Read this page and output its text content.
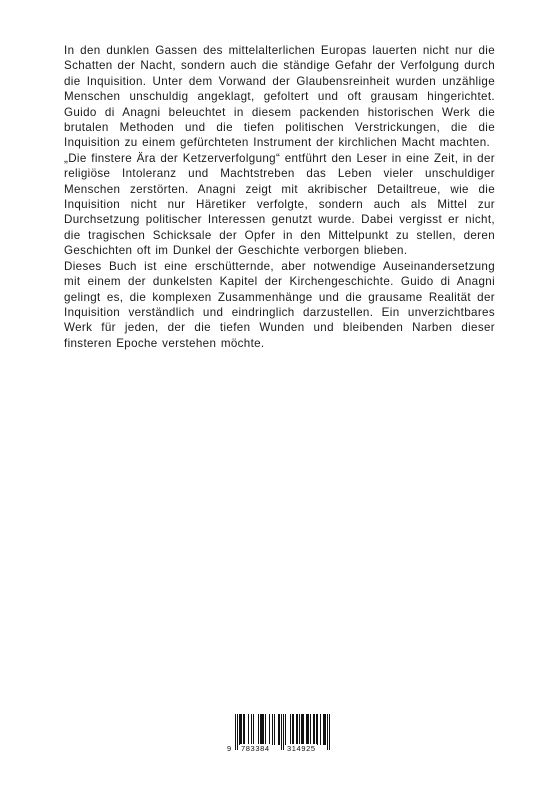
In den dunklen Gassen des mittelalterlichen Europas lauerten nicht nur die Schatten der Nacht, sondern auch die ständige Gefahr der Verfolgung durch die Inquisition. Unter dem Vorwand der Glaubensreinheit wurden unzählige Menschen unschuldig angeklagt, gefoltert und oft grausam hingerichtet. Guido di Anagni beleuchtet in diesem packenden historischen Werk die brutalen Methoden und die tiefen politischen Verstrickungen, die die Inquisition zu einem gefürchteten Instrument der kirchlichen Macht machten.

„Die finstere Ära der Ketzerverfolgung“ entführt den Leser in eine Zeit, in der religiöse Intoleranz und Machtstreben das Leben vieler unschuldiger Menschen zerstörten. Anagni zeigt mit akribischer Detailtreue, wie die Inquisition nicht nur Häretiker verfolgte, sondern auch als Mittel zur Durchsetzung politischer Interessen genutzt wurde. Dabei vergisst er nicht, die tragischen Schicksale der Opfer in den Mittelpunkt zu stellen, deren Geschichten oft im Dunkel der Geschichte verborgen blieben.

Dieses Buch ist eine erschütternde, aber notwendige Auseinandersetzung mit einem der dunkelsten Kapitel der Kirchengeschichte. Guido di Anagni gelingt es, die komplexen Zusammenhänge und die grausame Realität der Inquisition verständlich und eindringlich darzustellen. Ein unverzichtbares Werk für jeden, der die tiefen Wunden und bleibenden Narben dieser finsteren Epoche verstehen möchte.

9 783384 314925
